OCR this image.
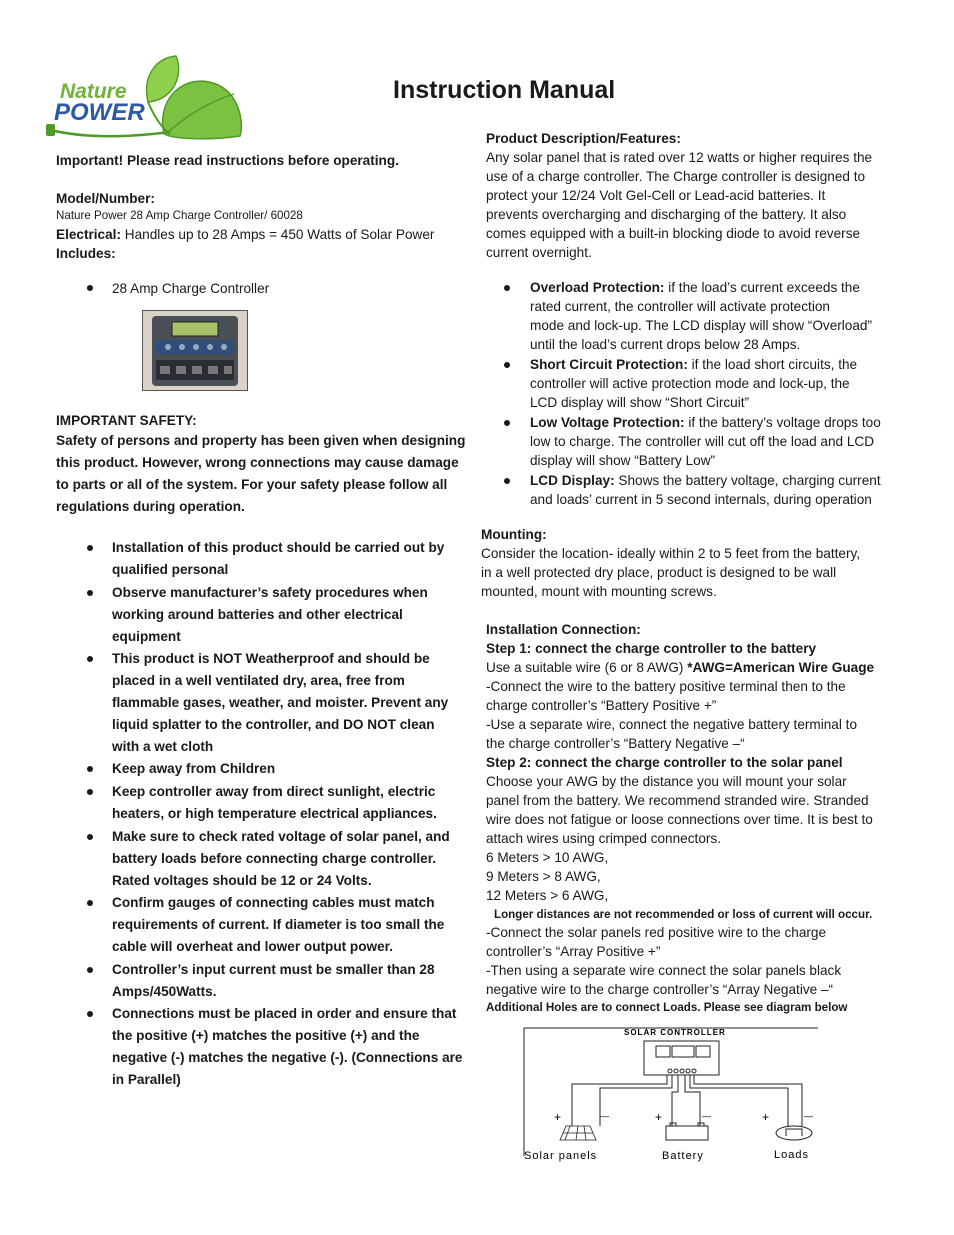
Nature
POWER
Instruction Manual
Important! Please read instructions before operating.
Model/Number:
Nature Power 28 Amp Charge Controller/ 60028
Electrical: Handles up to 28 Amps = 450 Watts of Solar Power
Includes:
28 Amp Charge Controller
IMPORTANT SAFETY:
Safety of persons and property has been given when designing
this product. However, wrong connections may cause damage
to parts or all of the system. For your safety please follow all
regulations during operation.
Installation of this product should be carried out by
qualified personal
Observe manufacturer’s safety procedures when
working around batteries and other electrical
equipment
This product is NOT Weatherproof and should be
placed in a well ventilated dry, area, free from
flammable gases, weather, and moister. Prevent any
liquid splatter to the controller, and DO NOT clean
with a wet cloth
Keep away from Children
Keep controller away from direct sunlight, electric
heaters, or high temperature electrical appliances.
Make sure to check rated voltage of solar panel, and
battery loads before connecting charge controller.
Rated voltages should be 12 or 24 Volts.
Confirm gauges of connecting cables must match
requirements of current. If diameter is too small the
cable will overheat and lower output power.
Controller’s input current must be smaller than 28
Amps/450Watts.
Connections must be placed in order and ensure that
the positive (+) matches the positive (+) and the
negative (-) matches the negative (-). (Connections are
in Parallel)
Product Description/Features:
Any solar panel that is rated over 12 watts or higher requires the
use of a charge controller. The Charge controller is designed to
protect your 12/24 Volt Gel-Cell or Lead-acid batteries. It
prevents overcharging and discharging of the battery. It also
comes equipped with a built-in blocking diode to avoid reverse
current overnight.
Overload Protection: if the load’s current exceeds the
rated current, the controller will activate protection
mode and lock-up. The LCD display will show “Overload”
until the load’s current drops below 28 Amps.
Short Circuit Protection: if the load short circuits, the
controller will active protection mode and lock-up, the
LCD display will show “Short Circuit”
Low Voltage Protection: if the battery’s voltage drops too
low to charge. The controller will cut off the load and LCD
display will show “Battery Low”
LCD Display: Shows the battery voltage, charging current
and loads’ current in 5 second internals, during operation
Mounting:
Consider the location- ideally within 2 to 5 feet from the battery,
in a well protected dry place, product is designed to be wall
mounted, mount with mounting screws.
Installation Connection:
Step 1: connect the charge controller to the battery
Use a suitable wire (6 or 8 AWG) *AWG=American Wire Guage
-Connect the wire to the battery positive terminal then to the
charge controller’s “Battery Positive +”
-Use a separate wire, connect the negative battery terminal to
the charge controller’s “Battery Negative –“
Step 2: connect the charge controller to the solar panel
Choose your AWG by the distance you will mount your solar
panel from the battery. We recommend stranded wire. Stranded
wire does not fatigue or loose connections over time. It is best to
attach wires using crimped connectors.
6 Meters > 10 AWG,
9 Meters > 8 AWG,
12 Meters > 6 AWG,
Longer distances are not recommended or loss of current will occur.
-Connect the solar panels red positive wire to the charge
controller’s “Array Positive +”
-Then using a separate wire connect the solar panels black
negative wire to the charge controller’s “Array Negative –“
Additional Holes are to connect Loads. Please see diagram below
SOLAR CONTROLLER
+	—	+	—	+	—
Solar panels	Battery	Loads
